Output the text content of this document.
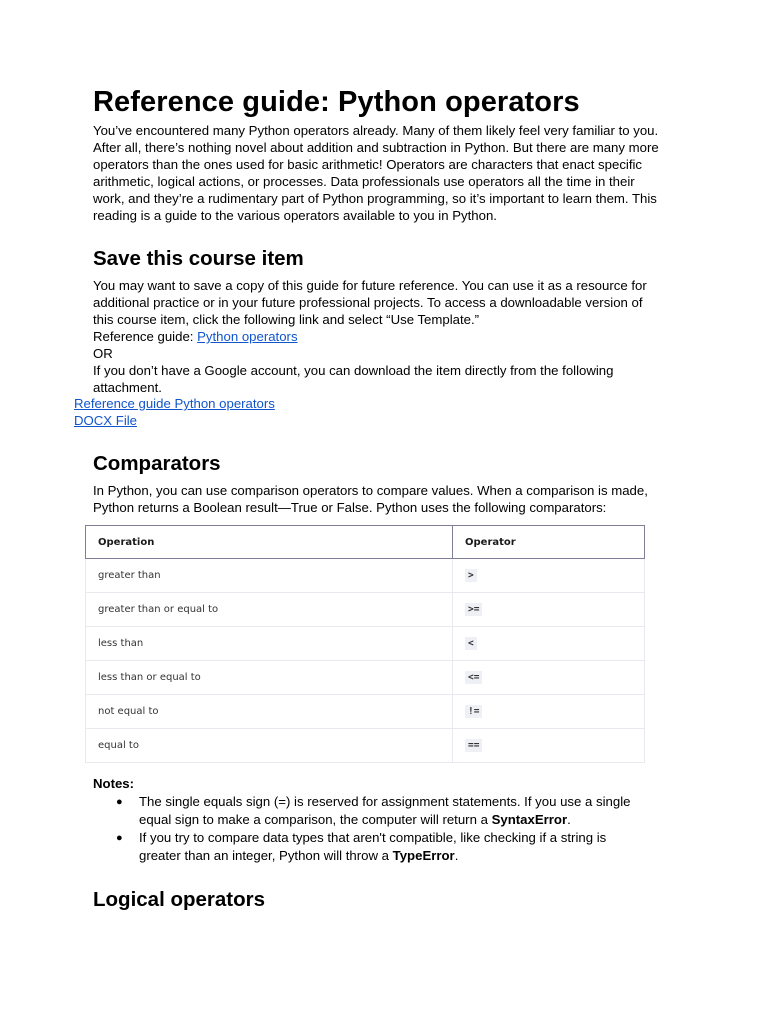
Reference guide: Python operators
You’ve encountered many Python operators already. Many of them likely feel very familiar to you.
After all, there’s nothing novel about addition and subtraction in Python. But there are many more
operators than the ones used for basic arithmetic! Operators are characters that enact specific
arithmetic, logical actions, or processes. Data professionals use operators all the time in their
work, and they’re a rudimentary part of Python programming, so it’s important to learn them. This
reading is a guide to the various operators available to you in Python.
Save this course item
You may want to save a copy of this guide for future reference. You can use it as a resource for
additional practice or in your future professional projects. To access a downloadable version of
this course item, click the following link and select “Use Template.”
Reference guide: Python operators
OR
If you don’t have a Google account, you can download the item directly from the following
attachment.
Reference guide Python operators
DOCX File
Comparators
In Python, you can use comparison operators to compare values. When a comparison is made,
Python returns a Boolean result—True or False. Python uses the following comparators:
Operation	Operator
greater than	>
greater than or equal to	>=
less than	<
less than or equal to	<=
not equal to	!=
equal to	==
Notes:
● The single equals sign (=) is reserved for assignment statements. If you use a single
equal sign to make a comparison, the computer will return a SyntaxError.
● If you try to compare data types that aren't compatible, like checking if a string is
greater than an integer, Python will throw a TypeError.
Logical operators
